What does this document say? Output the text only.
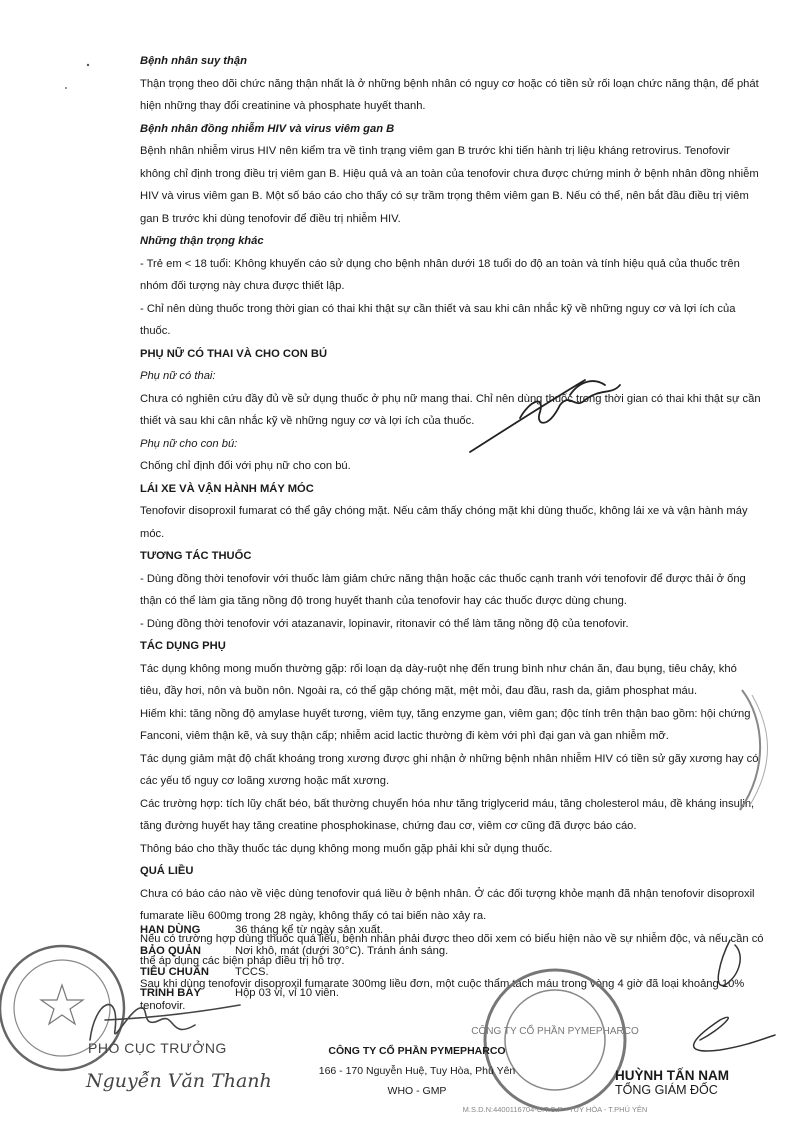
Bệnh nhân suy thận
Thận trọng theo dõi chức năng thận nhất là ở những bệnh nhân có nguy cơ hoặc có tiền sử rối loạn chức năng thận, để phát
hiện những thay đổi creatinine và phosphate huyết thanh.
Bệnh nhân đồng nhiễm HIV và virus viêm gan B
Bệnh nhân nhiễm virus HIV nên kiểm tra về tình trạng viêm gan B trước khi tiến hành trị liệu kháng retrovirus. Tenofovir
không chỉ định trong điều trị viêm gan B. Hiệu quả và an toàn của tenofovir chưa được chứng minh ở bệnh nhân đồng nhiễm
HIV và virus viêm gan B. Một số báo cáo cho thấy có sự trầm trọng thêm viêm gan B. Nếu có thể, nên bắt đầu điều trị viêm
gan B trước khi dùng tenofovir để điều trị nhiễm HIV.
Những thận trọng khác
- Trẻ em < 18 tuổi: Không khuyến cáo sử dụng cho bệnh nhân dưới 18 tuổi do độ an toàn và tính hiệu quả của thuốc trên
nhóm đối tượng này chưa được thiết lập.
- Chỉ nên dùng thuốc trong thời gian có thai khi thật sự cần thiết và sau khi cân nhắc kỹ về những nguy cơ và lợi ích của
thuốc.
PHỤ NỮ CÓ THAI VÀ CHO CON BÚ
Phụ nữ có thai:
Chưa có nghiên cứu đầy đủ về sử dụng thuốc ở phụ nữ mang thai. Chỉ nên dùng thuốc trong thời gian có thai khi thật sự cần
thiết và sau khi cân nhắc kỹ về những nguy cơ và lợi ích của thuốc.
Phụ nữ cho con bú:
Chống chỉ định đối với phụ nữ cho con bú.
LÁI XE VÀ VẬN HÀNH MÁY MÓC
Tenofovir disoproxil fumarat có thể gây chóng mặt. Nếu cảm thấy chóng mặt khi dùng thuốc, không lái xe và vận hành máy
móc.
TƯƠNG TÁC THUỐC
- Dùng đồng thời tenofovir với thuốc làm giảm chức năng thận hoặc các thuốc cạnh tranh với tenofovir để được thải ở ống
thận có thể làm gia tăng nồng độ trong huyết thanh của tenofovir hay các thuốc được dùng chung.
- Dùng đồng thời tenofovir với atazanavir, lopinavir, ritonavir có thể làm tăng nồng độ của tenofovir.
TÁC DỤNG PHỤ
Tác dụng không mong muốn thường gặp: rối loạn dạ dày-ruột nhẹ đến trung bình như chán ăn, đau bụng, tiêu chảy, khó
tiêu, đầy hơi, nôn và buồn nôn. Ngoài ra, có thể gặp chóng mặt, mệt mỏi, đau đầu, rash da, giảm phosphat máu.
Hiếm khi: tăng nồng độ amylase huyết tương, viêm tụy, tăng enzyme gan, viêm gan; độc tính trên thận bao gồm: hội chứng
Fanconi, viêm thận kẽ, và suy thận cấp; nhiễm acid lactic thường đi kèm với phì đại gan và gan nhiễm mỡ.
Tác dụng giảm mật độ chất khoáng trong xương được ghi nhận ở những bệnh nhân nhiễm HIV có tiền sử gãy xương hay có
các yếu tố nguy cơ loãng xương hoặc mất xương.
Các trường hợp: tích lũy chất béo, bất thường chuyển hóa như tăng triglycerid máu, tăng cholesterol máu, đề kháng insulin,
tăng đường huyết hay tăng creatine phosphokinase, chứng đau cơ, viêm cơ cũng đã được báo cáo.
Thông báo cho thầy thuốc tác dụng không mong muốn gặp phải khi sử dụng thuốc.
QUÁ LIỀU
Chưa có báo cáo nào về việc dùng tenofovir quá liều ở bệnh nhân. Ở các đối tượng khỏe mạnh đã nhận tenofovir disoproxil
fumarate liều 600mg trong 28 ngày, không thấy có tai biến nào xảy ra.
Nếu có trường hợp dùng thuốc quá liều, bệnh nhân phải được theo dõi xem có biểu hiện nào về sự nhiễm độc, và nếu cần có
thể áp dụng các biện pháp điều trị hỗ trợ.
Sau khi dùng tenofovir disoproxil fumarate 300mg liều đơn, một cuộc thẩm tách máu trong vòng 4 giờ đã loại khoảng 10%
tenofovir.
HẠN DÙNG	36 tháng kể từ ngày sản xuất.
BẢO QUẢN	Nơi khô, mát (dưới 30°C). Tránh ánh sáng.
TIÊU CHUẨN	TCCS.
TRÌNH BÀY	Hộp 03 vỉ, vỉ 10 viên.
CÔNG TY CỔ PHẦN PYMEPHARCO
M.S.D.N:4400116704-C.T.C.P · TUY HÒA - T.PHÚ YÊN
PHÓ CỤC TRƯỞNG
Nguyễn Văn Thanh
CÔNG TY CỔ PHẦN PYMEPHARCO
166 - 170 Nguyễn Huệ, Tuy Hòa, Phú Yên
WHO - GMP
HUỲNH TẤN NAM
TỔNG GIÁM ĐỐC
